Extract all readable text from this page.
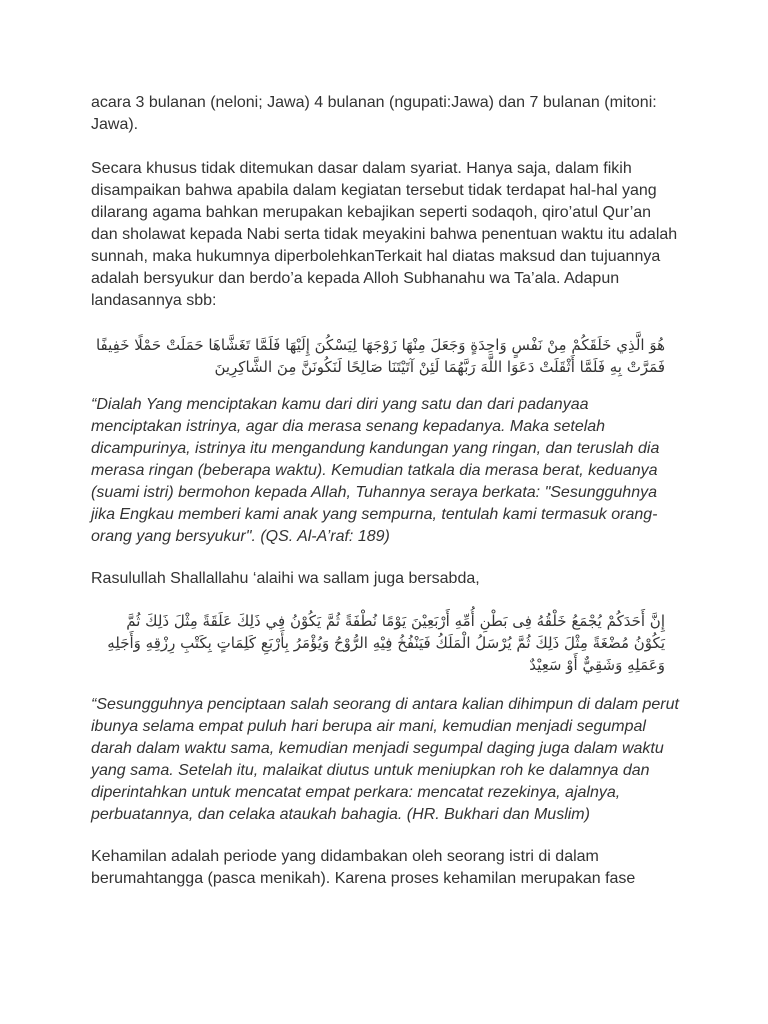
acara 3 bulanan (neloni; Jawa) 4 bulanan (ngupati:Jawa) dan 7 bulanan (mitoni: Jawa).

Secara khusus tidak ditemukan dasar dalam syariat. Hanya saja, dalam fikih disampaikan bahwa apabila dalam kegiatan tersebut tidak terdapat hal-hal yang dilarang agama bahkan merupakan kebajikan seperti sodaqoh, qiro’atul Qur’an dan sholawat kepada Nabi serta tidak meyakini bahwa penentuan waktu itu adalah sunnah, maka hukumnya diperbolehkanTerkait hal diatas maksud dan tujuannya adalah bersyukur dan berdo’a kepada Alloh Subhanahu wa Ta’ala. Adapun landasannya sbb:

هُوَ الَّذِي خَلَقَكُمْ مِنْ نَفْسٍ وَاحِدَةٍ وَجَعَلَ مِنْهَا زَوْجَهَا لِيَسْكُنَ إِلَيْهَا فَلَمَّا تَغَشَّاهَا حَمَلَتْ حَمْلًا خَفِيفًا فَمَرَّتْ بِهِ فَلَمَّا أَثْقَلَتْ دَعَوَا اللَّهَ رَبَّهُمَا لَئِنْ آتَيْتَنَا صَالِحًا لَنَكُونَنَّ مِنَ الشَّاكِرِينَ

“Dialah Yang menciptakan kamu dari diri yang satu dan dari padanyaa menciptakan istrinya, agar dia merasa senang kepadanya. Maka setelah dicampurinya, istrinya itu mengandung kandungan yang ringan, dan teruslah dia merasa ringan (beberapa waktu). Kemudian tatkala dia merasa berat, keduanya (suami istri) bermohon kepada Allah, Tuhannya seraya berkata: "Sesungguhnya jika Engkau memberi kami anak yang sempurna, tentulah kami termasuk orang-orang yang bersyukur". (QS. Al-A’raf: 189)

Rasulullah Shallallahu ‘alaihi wa sallam juga bersabda,

إِنَّ أَحَدَكُمْ يُجْمَعُ خَلْقُهُ فِى بَطْنِ أُمِّهِ أَرْبَعِيْنَ يَوْمًا نُطْفَةً ثُمَّ يَكُوْنُ فِي ذَلِكَ عَلَقَةً مِثْلَ ذَلِكَ ثُمَّ يَكُوْنُ مُضْغَةً مِثْلَ ذَلِكَ ثُمَّ يُرْسَلُ الْمَلَكُ فَيَنْفُخُ فِيْهِ الرُّوْحُ وَيُؤْمَرُ بِأَرْبَعِ كَلِمَاتٍ بِكَتْبِ رِزْقِهِ وَأَجَلِهِ وَعَمَلِهِ وَشَقِيٌّ أَوْ سَعِيْدٌ

“Sesungguhnya penciptaan salah seorang di antara kalian dihimpun di dalam perut ibunya selama empat puluh hari berupa air mani, kemudian menjadi segumpal darah dalam waktu sama, kemudian menjadi segumpal daging juga dalam waktu yang sama. Setelah itu, malaikat diutus untuk meniupkan roh ke dalamnya dan diperintahkan untuk mencatat empat perkara: mencatat rezekinya, ajalnya, perbuatannya, dan celaka ataukah bahagia. (HR. Bukhari dan Muslim)

Kehamilan adalah periode yang didambakan oleh seorang istri di dalam berumahtangga (pasca menikah). Karena proses kehamilan merupakan fase
